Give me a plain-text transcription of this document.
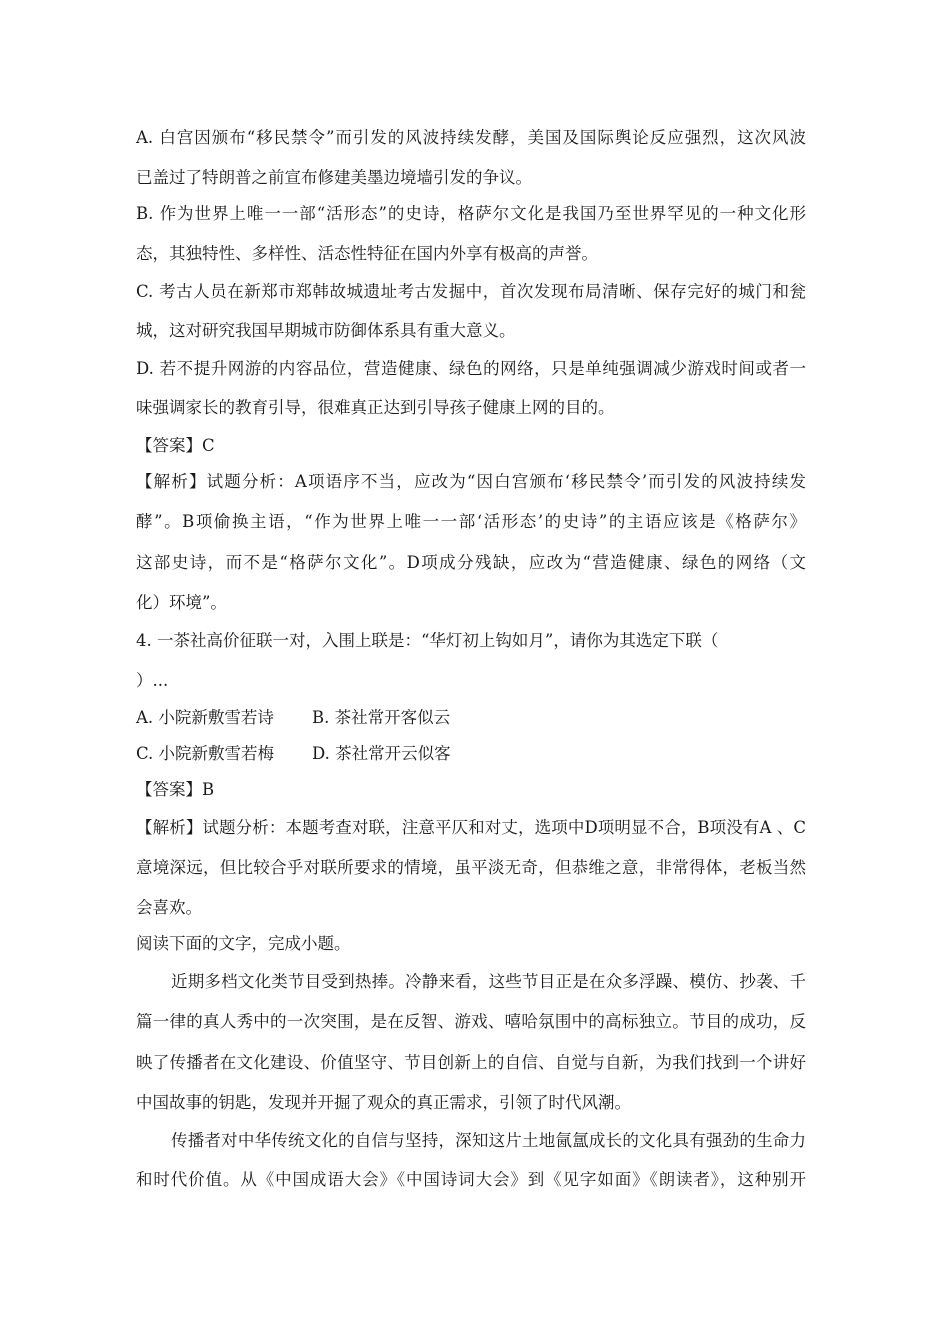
A. 白宫因颁布“移民禁令”而引发的风波持续发酵，美国及国际舆论反应强烈，这次风波
已盖过了特朗普之前宣布修建美墨边境墙引发的争议。
B. 作为世界上唯一一部“活形态”的史诗，格萨尔文化是我国乃至世界罕见的一种文化形
态，其独特性、多样性、活态性特征在国内外享有极高的声誉。
C. 考古人员在新郑市郑韩故城遗址考古发掘中，首次发现布局清晰、保存完好的城门和瓮
城，这对研究我国早期城市防御体系具有重大意义。
D. 若不提升网游的内容品位，营造健康、绿色的网络，只是单纯强调减少游戏时间或者一
味强调家长的教育引导，很难真正达到引导孩子健康上网的目的。
【答案】C
【解析】试题分析：A项语序不当，应改为“因白宫颁布‘移民禁令’而引发的风波持续发
酵”。B项偷换主语，“作为世界上唯一一部‘活形态’的史诗”的主语应该是《格萨尔》
这部史诗，而不是“格萨尔文化”。D项成分残缺，应改为“营造健康、绿色的网络（文
化）环境”。
4. 一茶社高价征联一对，入围上联是：“华灯初上钩如月”，请你为其选定下联（
）...
A. 小院新敷雪若诗 B. 茶社常开客似云
C. 小院新敷雪若梅 D. 茶社常开云似客
【答案】B
【解析】试题分析：本题考查对联，注意平仄和对丈，选项中D项明显不合，B项没有A 、C
意境深远，但比较合乎对联所要求的情境，虽平淡无奇，但恭维之意，非常得体，老板当然
会喜欢。
阅读下面的文字，完成小题。
近期多档文化类节目受到热捧。冷静来看，这些节目正是在众多浮躁、模仿、抄袭、千
篇一律的真人秀中的一次突围，是在反智、游戏、嘻哈氛围中的高标独立。节目的成功，反
映了传播者在文化建设、价值坚守、节目创新上的自信、自觉与自新，为我们找到一个讲好
中国故事的钥匙，发现并开掘了观众的真正需求，引领了时代风潮。
传播者对中华传统文化的自信与坚持，深知这片土地氤氲成长的文化具有强劲的生命力
和时代价值。从《中国成语大会》《中国诗词大会》到《见字如面》《朗读者》，这种别开
